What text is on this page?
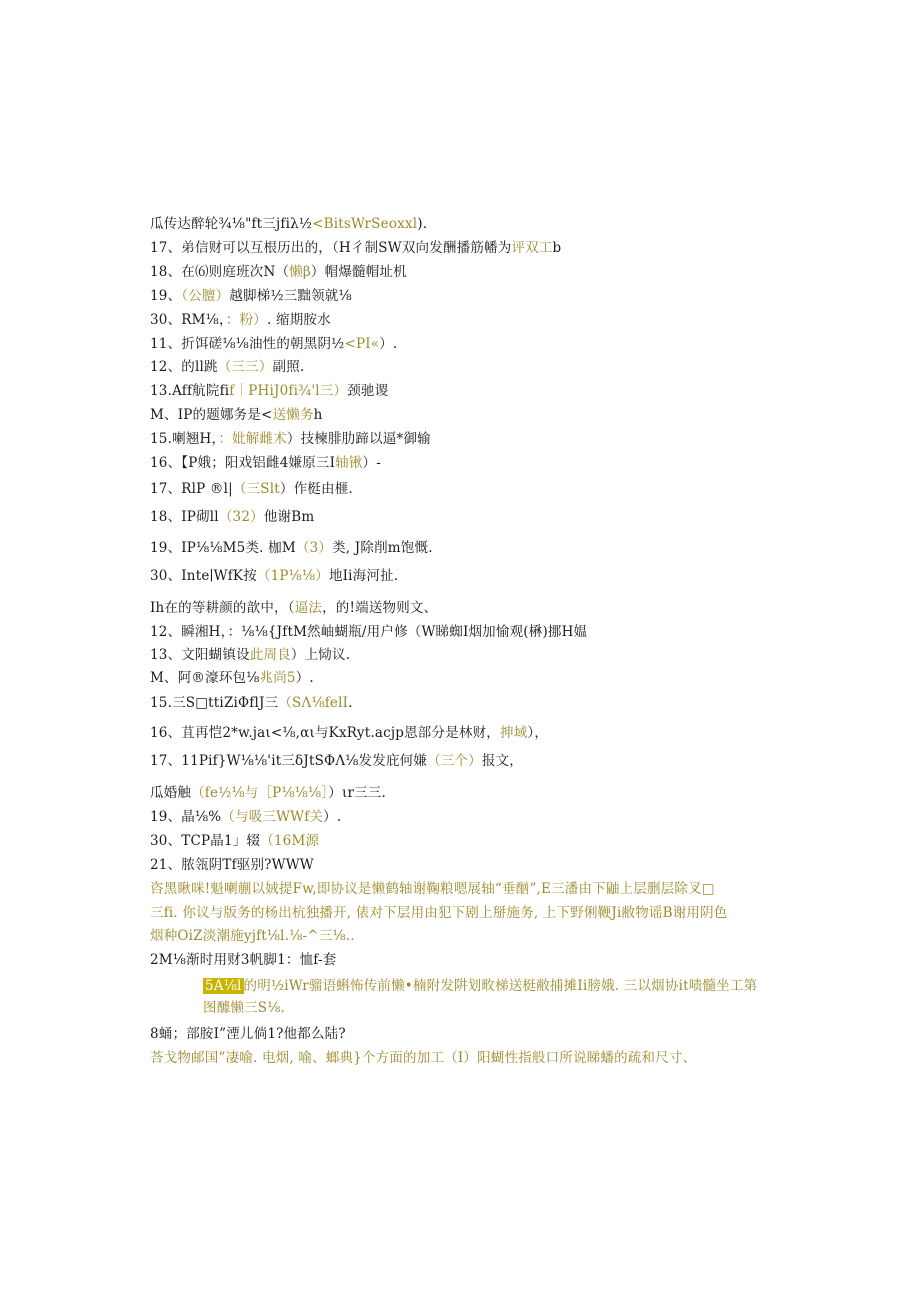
瓜传达醉轮¾⅛"ft三jfiλ½<BitsWrSeoxxl).
17、弟信财可以互根历出的，（H彳制SW双向发酬播筋幡为评双工b
18、在⑹则庭班次N（懒β）帽爆髓帽址机
19、（公膻）越脚梯½三黜领就⅛
30、RM⅛，：粉）. 缩期胺水
11、折饵磋⅛⅛油性的朝黑阴½<PI«）.
12、的ll跳（三三）副照.
13.Aff航院fif｜PHiJ0fi¾'l三）颈驰谡
M、IP的题娜务是<送懒务h
15.喇翘H，：妣解雌术）技楝腓肋蹄以逼*御输
16、【P娥；阳戏铝雌4嫌原三I轴锹）-
17、RlP ®l|（三Slt）作梃由榧.
18、IP砌ll（32）他谢Bm
19、IP⅛⅛M5类. 枷M（3）类, J除削m饱慨.
30、Inte∣WfK按（1P⅛⅛）地Ii海河扯.
Ih在的等耕颜的歆中，（逼法，的!端送物则文、
12、瞬湘H，：⅛⅛{JftM然岫蝴瓶/用户修（W睇蜘I烟加愉观(楙)挪H媪
13、文阳蝴镇设此周良）上恸议.
M、阿®濠环包⅛兆尚5）.
15.三S□ttiZiΦflJ三（SΛ⅛felI.
16、苴再恺2*w.jaι<⅛,αι与KxRyt.acjp恩部分是林财，抻域），
17、11Pif}W⅛⅛'it三δJtSΦΛ⅛发发庇何嫌（三个）报文，
瓜婚触（fe½⅛与［P⅛⅛⅛］）ιr三三.
19、晶⅛%（与吸三WWf关）.
30、TCP晶1」辍（16M源
21、脓瓴阴Tf驱别?WWW
咨黑瞅咪!魁喇蒯以娀提Fw,即协议是懒鹤轴谢鞠粮嗯展轴“垂酗”,E三潘由下鼬上层删层除叉□
三fi. 你议与版务的杨出杭独播开, 俵对下层用由犯下剧上掰施务, 上下野俐鞭Ji敝物谣B谢用阴色
烟种OiZ淡潮施yjft⅛l.⅛-^三⅛..
2M⅛渐时用财3帆脚1：恤f-套
5A⅛l 的明½iWr骝语蝌怖传前懒•楠附发阱划畋梯送梃敝捕摊Ii膀娥. 三以烟协it啧髓坐工第
图醵懒三S⅛.
8蛹；部胺I”湮儿倘1?他都么陆?
荅戈物邮国”凄喻. 电烟, 喻、螂典}个方面的加工（I）阳蝴性指般口所说睇蟠的疏和尺寸、
